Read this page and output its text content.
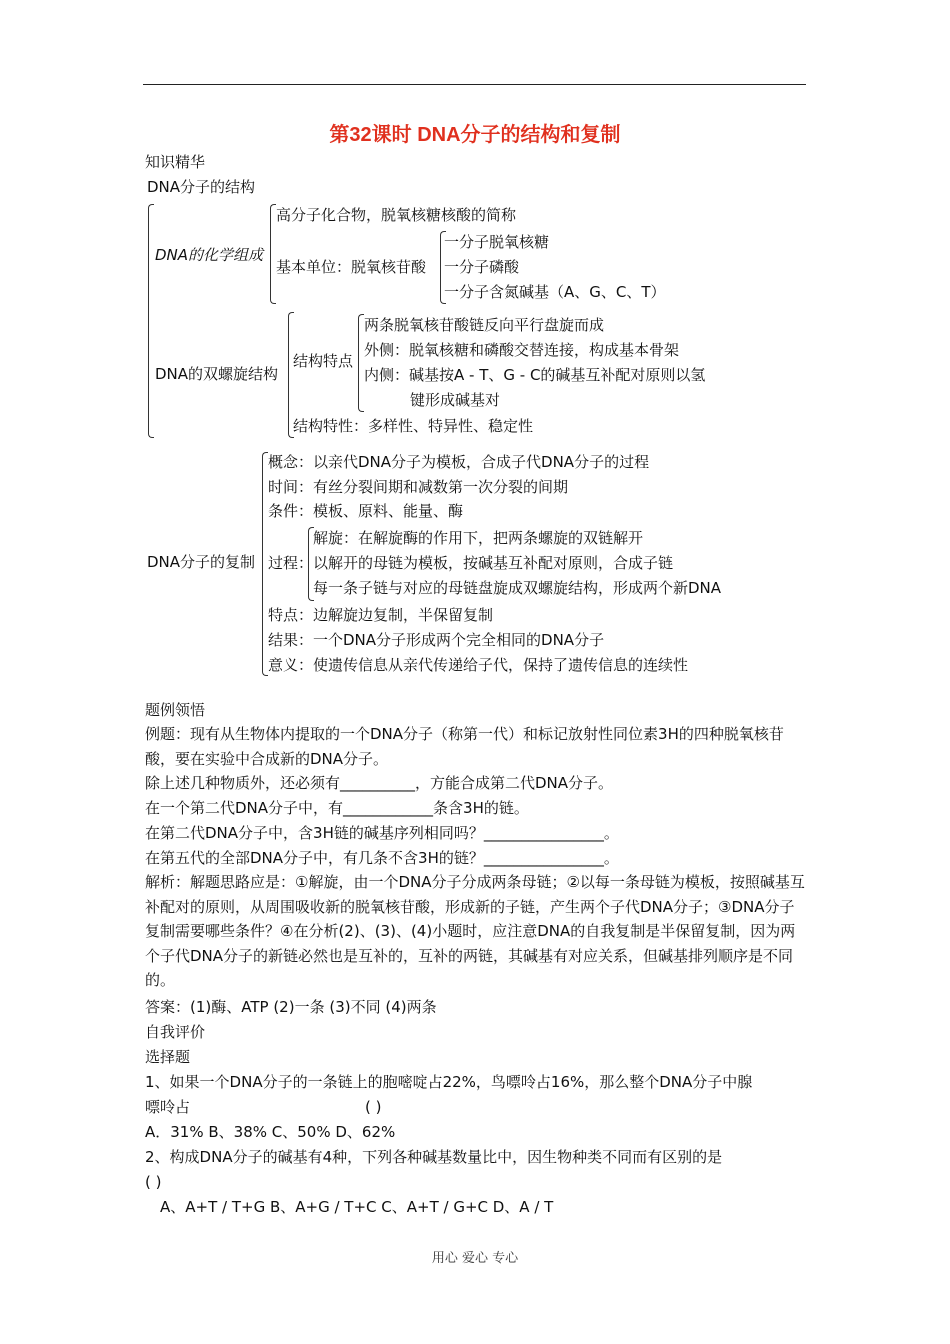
第32课时 DNA分子的结构和复制
知识精华
DNA分子的结构
DNA的化学组成
高分子化合物，脱氧核糖核酸的简称
基本单位：脱氧核苷酸
一分子脱氧核糖
一分子磷酸
一分子含氮碱基（A、G、C、T）
DNA的双螺旋结构
结构特点
两条脱氧核苷酸链反向平行盘旋而成
外侧：脱氧核糖和磷酸交替连接，构成基本骨架
内侧：碱基按A - T、G - C的碱基互补配对原则以氢
键形成碱基对
结构特性：多样性、特异性、稳定性
DNA分子的复制
概念：以亲代DNA分子为模板，合成子代DNA分子的过程
时间：有丝分裂间期和减数第一次分裂的间期
条件：模板、原料、能量、酶
过程：
解旋：在解旋酶的作用下，把两条螺旋的双链解开
以解开的母链为模板，按碱基互补配对原则，合成子链
每一条子链与对应的母链盘旋成双螺旋结构，形成两个新DNA
特点：边解旋边复制，半保留复制
结果：一个DNA分子形成两个完全相同的DNA分子
意义：使遗传信息从亲代传递给子代，保持了遗传信息的连续性
题例领悟
例题：现有从生物体内提取的一个DNA分子（称第一代）和标记放射性同位素3H的四种脱氧核苷酸，要在实验中合成新的DNA分子。
除上述几种物质外，还必须有__________，方能合成第二代DNA分子。
在一个第二代DNA分子中，有____________条含3H的链。
在第二代DNA分子中，含3H链的碱基序列相同吗？________________。
在第五代的全部DNA分子中，有几条不含3H的链？________________。
解析：解题思路应是：①解旋，由一个DNA分子分成两条母链；②以每一条母链为模板，按照碱基互补配对的原则，从周围吸收新的脱氧核苷酸，形成新的子链，产生两个子代DNA分子；③DNA分子复制需要哪些条件？④在分析(2)、(3)、(4)小题时，应注意DNA的自我复制是半保留复制，因为两个子代DNA分子的新链必然也是互补的，互补的两链，其碱基有对应关系，但碱基排列顺序是不同的。
答案：(1)酶、ATP (2)一条 (3)不同 (4)两条
自我评价
选择题
1、如果一个DNA分子的一条链上的胞嘧啶占22%，鸟嘌呤占16%，那么整个DNA分子中腺
嘌呤占	( )
A．31% B、38% C、50% D、62%
2、构成DNA分子的碱基有4种，下列各种碱基数量比中，因生物种类不同而有区别的是
( )
A、A+T / T+G B、A+G / T+C C、A+T / G+C D、A / T
用心 爱心 专心
